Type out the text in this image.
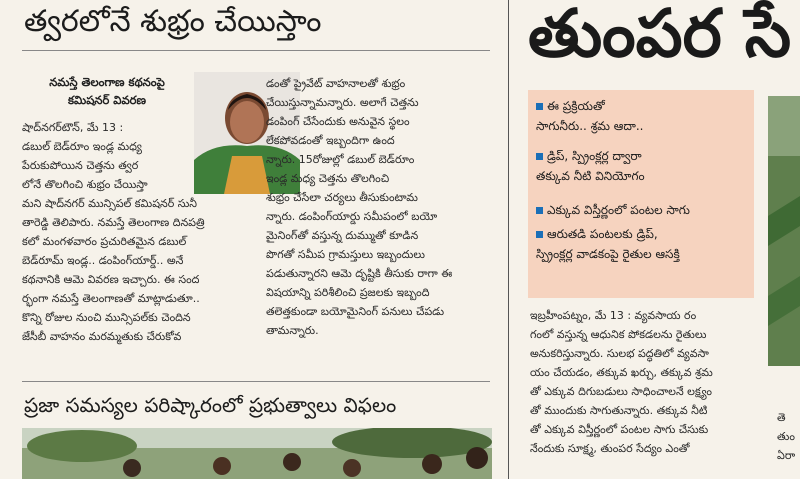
త్వరలోనే శుభ్రం చేయిస్తాం
నమస్తే తెలంగాణ కథనంపై
కమిషనర్ వివరణ
షాద్‌నగర్‌టౌన్, మే 13 :
డబుల్ బెడ్‌రూం ఇండ్ల మధ్య
పేరుకుపోయిన చెత్తను త్వర
లోనే తొలగించి శుభ్రం చేయిస్తా
మని షాద్‌నగర్ మున్సిపల్ కమిషనర్ సునీ
తారెడ్డి తెలిపారు. నమస్తే తెలంగాణ దినపత్రి
కలో మంగళవారం ప్రచురితమైన డబుల్
బెడ్‌రూమ్ ఇండ్ల.. డంపింగ్‌యార్డ్.. అనే
కథనానికి ఆమె వివరణ ఇచ్చారు. ఈ సంద
ర్భంగా నమస్తే తెలంగాణతో మాట్లాడుతూ..
కొన్ని రోజుల నుంచి మున్సిపల్‌కు చెందిన
జేసీబీ వాహనం మరమ్మతుకు చేరుకోవ
డంతో ప్రైవేట్ వాహనాలతో శుభ్రం
చేయిస్తున్నామన్నారు. అలాగే చెత్తను
డంపింగ్ చేసేందుకు అనువైన స్థలం
లేకపోవడంతో ఇబ్బందిగా ఉంద
న్నారు. 15రోజుల్లో డబుల్ బెడ్‌రూం
ఇండ్ల మధ్య చెత్తను తొలగించి
శుభ్రం చేసేలా చర్యలు తీసుకుంటామ
న్నారు. డంపింగ్‌యార్డు సమీపంలో బయో
మైనింగ్‌తో వస్తున్న దుమ్ముతో కూడిన
పొగతో సమీప గ్రామస్తులు ఇబ్బందులు
పడుతున్నారని ఆమె దృష్టికి తీసుకు రాగా ఈ
విషయాన్ని పరిశీలించి ప్రజలకు ఇబ్బంది
తలెత్తకుండా బయోమైనింగ్ పనులు చేపడు
తామన్నారు.
ప్రజా సమస్యల పరిష్కారంలో ప్రభుత్వాలు విఫలం
తుంపర సే
ఈ ప్రక్రియతో
సాగునీరు.. శ్రమ ఆదా..
డ్రిప్, స్ప్రింక్లర్ల ద్వారా
తక్కువ నీటి వినియోగం
ఎక్కువ విస్తీర్ణంలో పంటల సాగు
ఆరుతడి పంటలకు డ్రిప్,
స్ప్రింక్లర్ల వాడకంపై రైతుల ఆసక్తి
ఇబ్రహీంపట్నం, మే 13 : వ్యవసాయ రం
గంలో వస్తున్న ఆధునిక పోకడలను రైతులు
అనుకరిస్తున్నారు. సులభ పద్ధతిలో వ్యవసా
యం చేయడం, తక్కువ ఖర్చు, తక్కువ శ్రమ
తో ఎక్కువ దిగుబడులు సాధించాలనే లక్ష్యం
తో ముందుకు సాగుతున్నారు. తక్కువ నీటి
తో ఎక్కువ విస్తీర్ణంలో పంటల సాగు చేసుకు
నేందుకు సూక్ష్మ, తుంపర సేద్యం ఎంతో
తె
తుం
ఏరా
